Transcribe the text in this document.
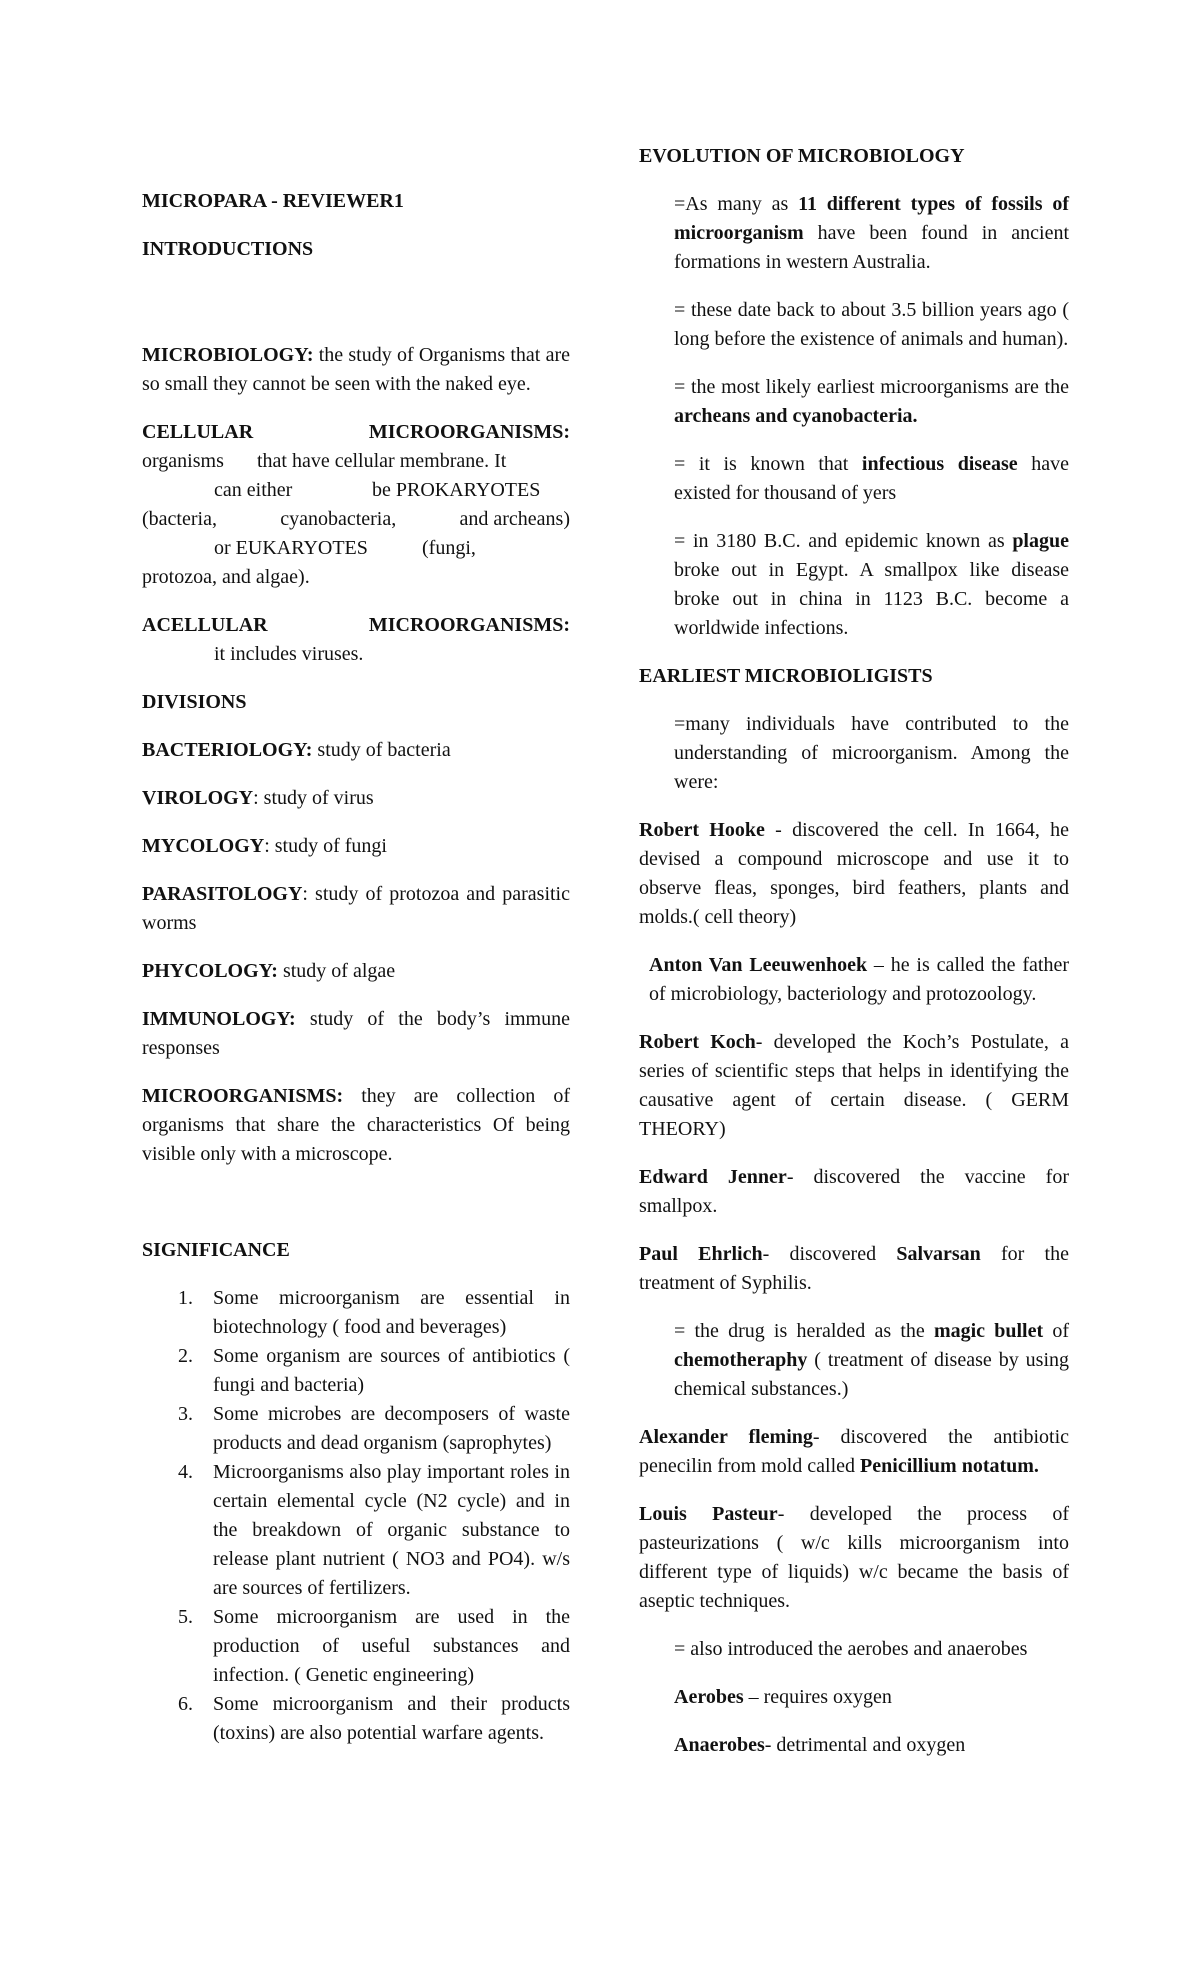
MICROPARA - REVIEWER1

INTRODUCTIONS

MICROBIOLOGY: the study of Organisms that are so small they cannot be seen with the naked eye.

CELLULAR	MICROORGANISMS:
organisms	that have cellular membrane. It
can either	be PROKARYOTES
(bacteria,	cyanobacteria,	and archeans)
or EUKARYOTES	(fungi,
protozoa, and algae).
ACELLULAR	MICROORGANISMS:
it includes viruses.

DIVISIONS

BACTERIOLOGY: study of bacteria

VIROLOGY: study of virus

MYCOLOGY: study of fungi

PARASITOLOGY: study of protozoa and parasitic worms

PHYCOLOGY: study of algae

IMMUNOLOGY: study of the body’s immune responses

MICROORGANISMS: they are collection of organisms that share the characteristics Of being visible only with a microscope.

SIGNIFICANCE

1. Some microorganism are essential in biotechnology ( food and beverages)
2. Some organism are sources of antibiotics ( fungi and bacteria)
3. Some microbes are decomposers of waste products and dead organism (saprophytes)
4. Microorganisms also play important roles in certain elemental cycle (N2 cycle) and in the breakdown of organic substance to release plant nutrient ( NO3 and PO4). w/s are sources of fertilizers.
5. Some microorganism are used in the production of useful substances and infection. ( Genetic engineering)
6. Some microorganism and their products (toxins) are also potential warfare agents.

EVOLUTION OF MICROBIOLOGY

=As many as 11 different types of fossils of microorganism have been found in ancient formations in western Australia.

= these date back to about 3.5 billion years ago ( long before the existence of animals and human).

= the most likely earliest microorganisms are the archeans and cyanobacteria.

= it is known that infectious disease have existed for thousand of yers

= in 3180 B.C. and epidemic known as plague broke out in Egypt. A smallpox like disease broke out in china in 1123 B.C. become a worldwide infections.

EARLIEST MICROBIOLIGISTS

=many individuals have contributed to the understanding of microorganism. Among the were:

Robert Hooke - discovered the cell. In 1664, he devised a compound microscope and use it to observe fleas, sponges, bird feathers, plants and molds.( cell theory)

Anton Van Leeuwenhoek – he is called the father of microbiology, bacteriology and protozoology.

Robert Koch- developed the Koch’s Postulate, a series of scientific steps that helps in identifying the causative agent of certain disease. ( GERM THEORY)

Edward Jenner- discovered the vaccine for smallpox.

Paul Ehrlich- discovered Salvarsan for the treatment of Syphilis.

= the drug is heralded as the magic bullet of chemotheraphy ( treatment of disease by using chemical substances.)

Alexander fleming- discovered the antibiotic penecilin from mold called Penicillium notatum.

Louis Pasteur- developed the process of pasteurizations ( w/c kills microorganism into different type of liquids) w/c became the basis of aseptic techniques.

= also introduced the aerobes and anaerobes

Aerobes – requires oxygen

Anaerobes- detrimental and oxygen
